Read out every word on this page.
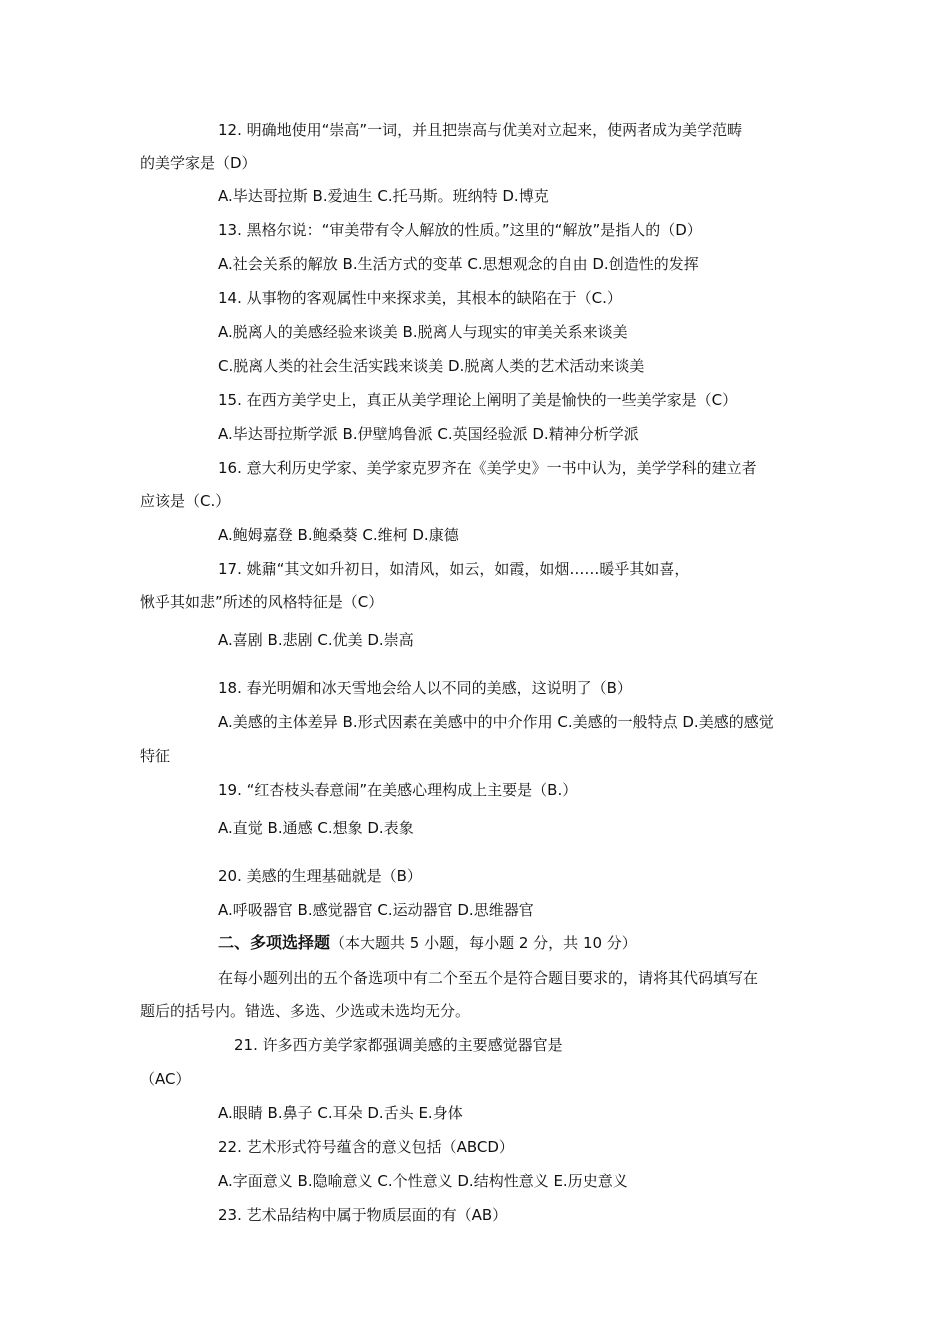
12. 明确地使用“崇高”一词，并且把崇高与优美对立起来，使两者成为美学范畴
的美学家是（D）
A.毕达哥拉斯 B.爱迪生 C.托马斯。班纳特 D.博克
13. 黑格尔说：“审美带有令人解放的性质。”这里的“解放”是指人的（D）
A.社会关系的解放 B.生活方式的变革 C.思想观念的自由 D.创造性的发挥
14. 从事物的客观属性中来探求美，其根本的缺陷在于（C.）
A.脱离人的美感经验来谈美 B.脱离人与现实的审美关系来谈美
C.脱离人类的社会生活实践来谈美 D.脱离人类的艺术活动来谈美
15. 在西方美学史上，真正从美学理论上阐明了美是愉快的一些美学家是（C）
A.毕达哥拉斯学派 B.伊壁鸠鲁派 C.英国经验派 D.精神分析学派
16. 意大利历史学家、美学家克罗齐在《美学史》一书中认为，美学学科的建立者
应该是（C.）
A.鲍姆嘉登 B.鲍桑葵 C.维柯 D.康德
17. 姚鼐“其文如升初日，如清风，如云，如霞，如烟……暖乎其如喜，
愀乎其如悲”所述的风格特征是（C）
A.喜剧 B.悲剧 C.优美 D.崇高
18. 春光明媚和冰天雪地会给人以不同的美感，这说明了（B）
A.美感的主体差异 B.形式因素在美感中的中介作用 C.美感的一般特点 D.美感的感觉
特征
19. “红杏枝头春意闹”在美感心理构成上主要是（B.）
A.直觉 B.通感 C.想象 D.表象
20. 美感的生理基础就是（B）
A.呼吸器官 B.感觉器官 C.运动器官 D.思维器官
二、多项选择题（本大题共 5 小题，每小题 2 分，共 10 分）
在每小题列出的五个备选项中有二个至五个是符合题目要求的，请将其代码填写在
题后的括号内。错选、多选、少选或未选均无分。
21. 许多西方美学家都强调美感的主要感觉器官是
（AC）
A.眼睛 B.鼻子 C.耳朵 D.舌头 E.身体
22. 艺术形式符号蕴含的意义包括（ABCD）
A.字面意义 B.隐喻意义 C.个性意义 D.结构性意义 E.历史意义
23. 艺术品结构中属于物质层面的有（AB）
